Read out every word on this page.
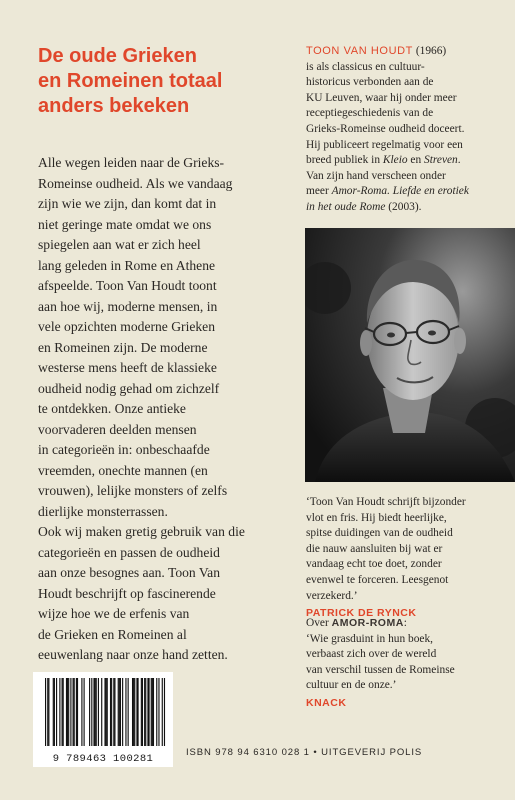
De oude Grieken
en Romeinen totaal
anders bekeken
Alle wegen leiden naar de Grieks-
Romeinse oudheid. Als we vandaag
zijn wie we zijn, dan komt dat in
niet geringe mate omdat we ons
spiegelen aan wat er zich heel
lang geleden in Rome en Athene
afspeelde. Toon Van Houdt toont
aan hoe wij, moderne mensen, in
vele opzichten moderne Grieken
en Romeinen zijn. De moderne
westerse mens heeft de klassieke
oudheid nodig gehad om zichzelf
te ontdekken. Onze antieke
voorvaderen deelden mensen
in categorieën in: onbeschaafde
vreemden, onechte mannen (en
vrouwen), lelijke monsters of zelfs
dierlijke monsterrassen.
Ook wij maken gretig gebruik van die
categorieën en passen de oudheid
aan onze besognes aan. Toon Van
Houdt beschrijft op fascinerende
wijze hoe we de erfenis van
de Grieken en Romeinen al
eeuwenlang naar onze hand zetten.
TOON VAN HOUDT (1966)
is als classicus en cultuur-
historicus verbonden aan de
KU Leuven, waar hij onder meer
receptiegeschiedenis van de
Grieks-Romeinse oudheid doceert.
Hij publiceert regelmatig voor een
breed publiek in Kleio en Streven.
Van zijn hand verscheen onder
meer Amor-Roma. Liefde en erotiek
in het oude Rome (2003).
‘Toon Van Houdt schrijft bijzonder
vlot en fris. Hij biedt heerlijke,
spitse duidingen van de oudheid
die nauw aansluiten bij wat er
vandaag echt toe doet, zonder
evenwel te forceren. Leesgenot
verzekerd.’
PATRICK DE RYNCK
Over AMOR-ROMA:
‘Wie grasduint in hun boek,
verbaast zich over de wereld
van verschil tussen de Romeinse
cultuur en de onze.’
KNACK
9 789463 100281
ISBN 978 94 6310 028 1 • UITGEVERIJ POLIS
